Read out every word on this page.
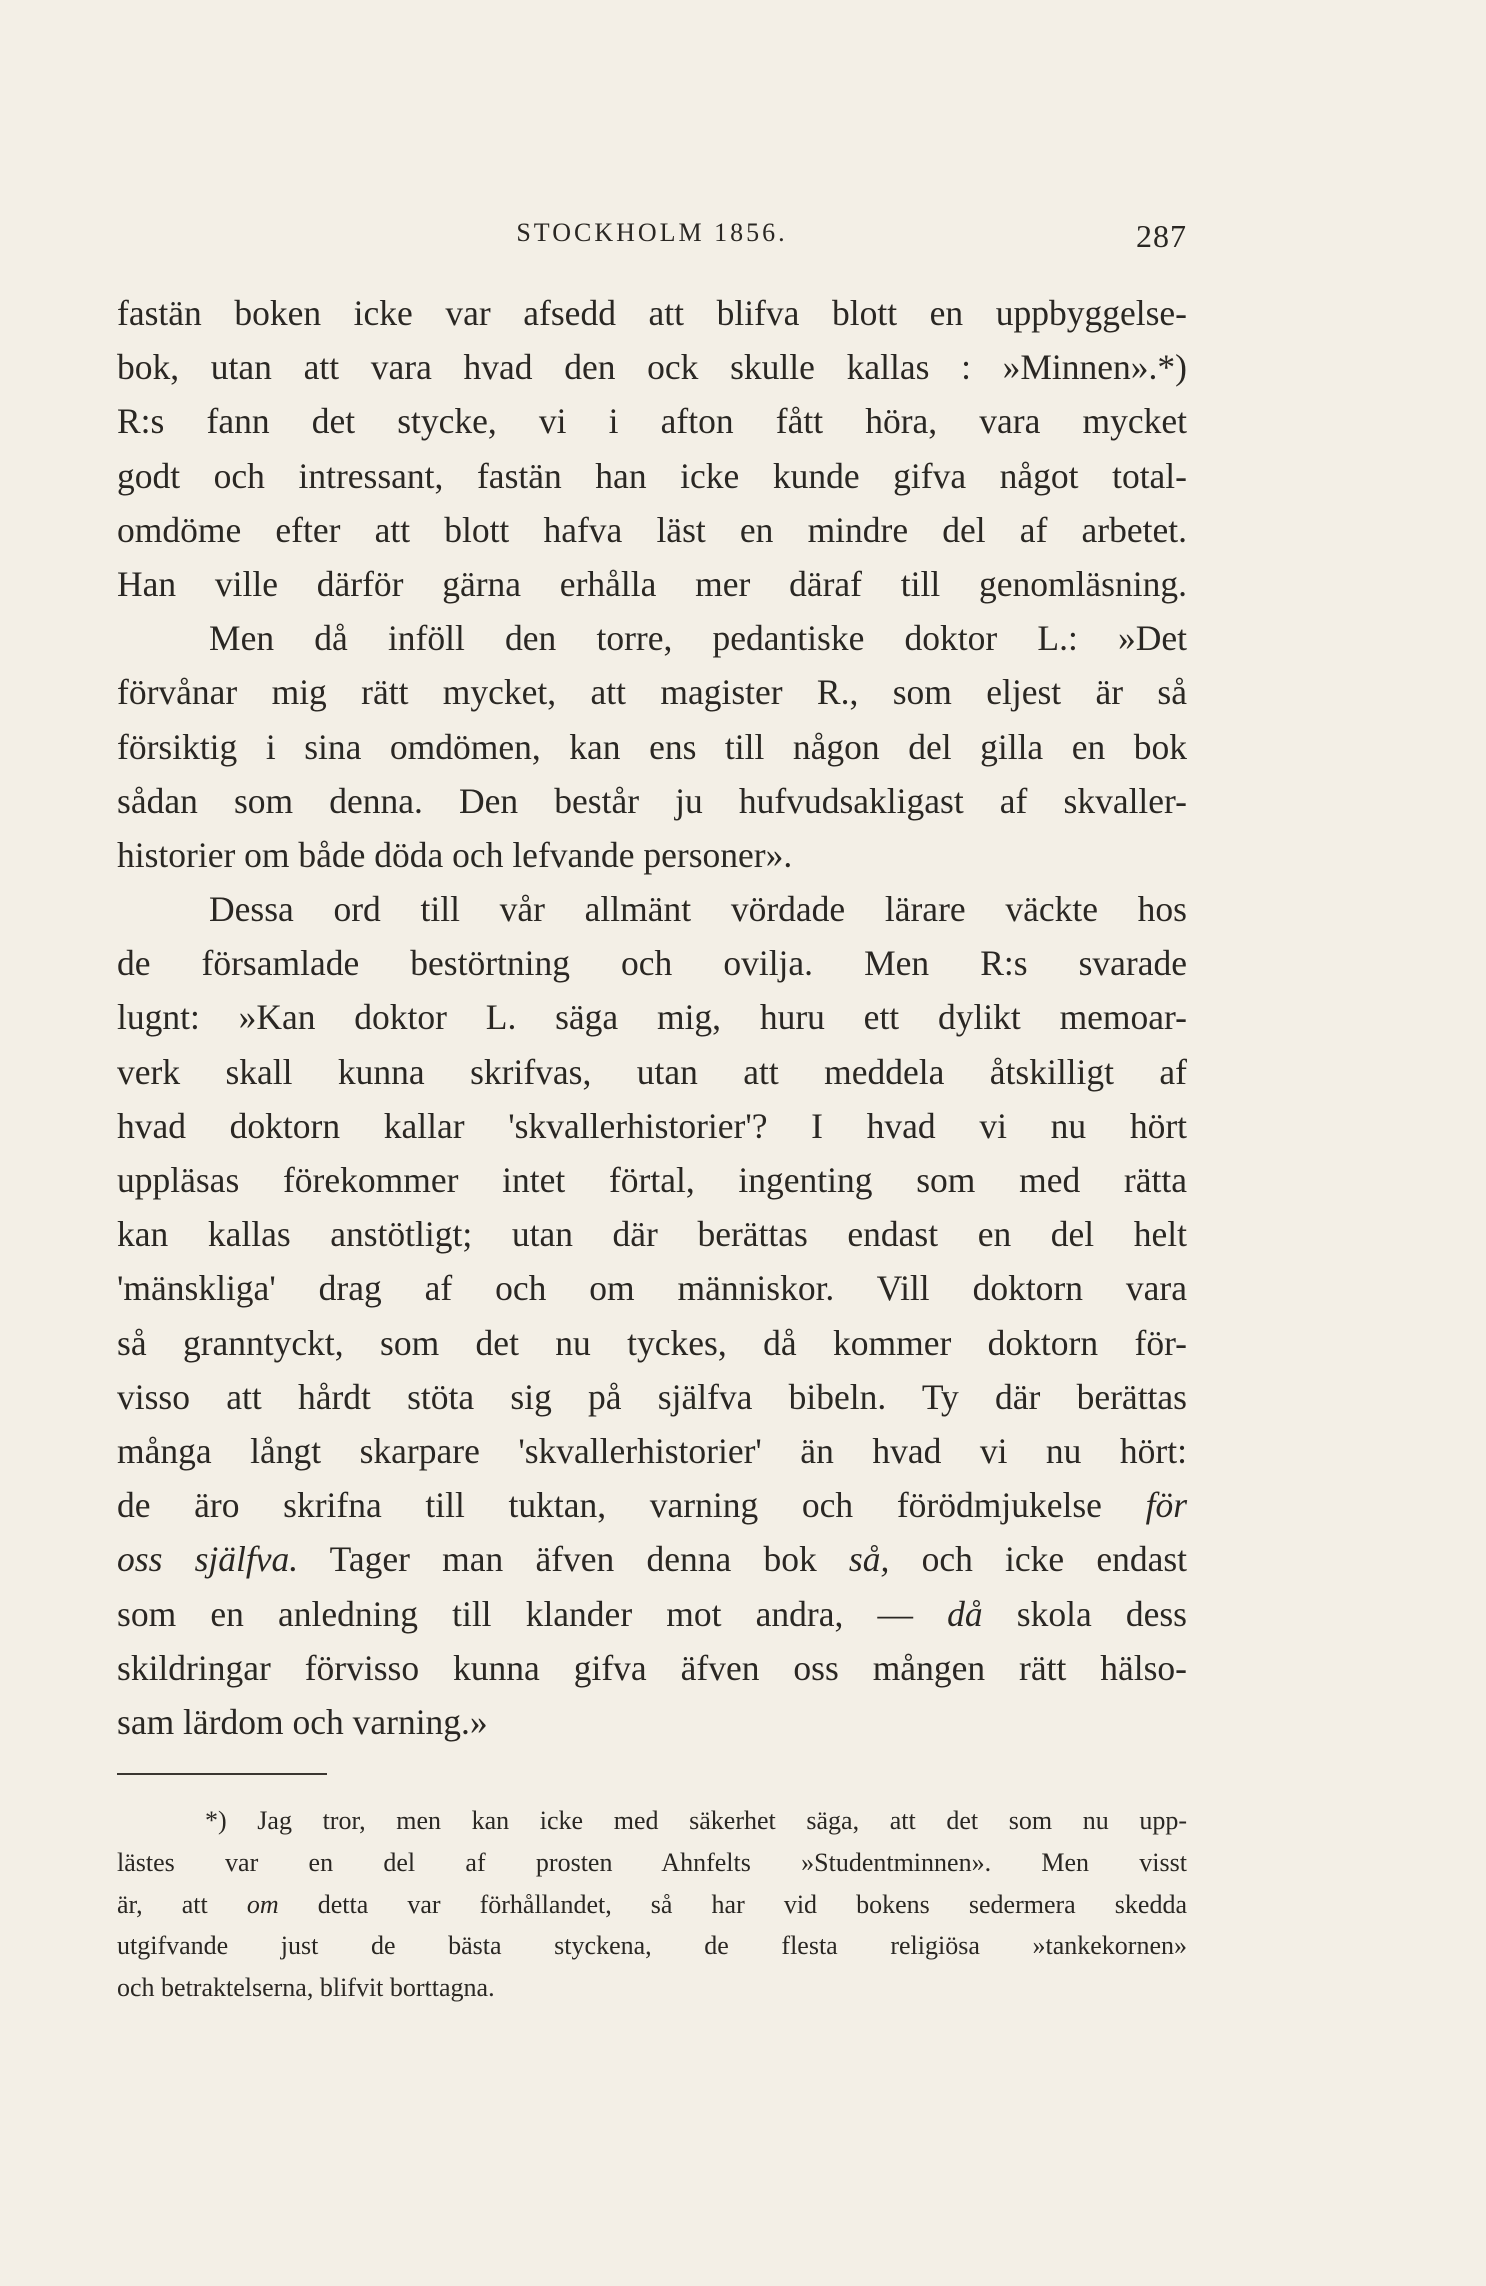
STOCKHOLM 1856.	287
fastän boken icke var afsedd att blifva blott en uppbyggelse-
bok, utan att vara hvad den ock skulle kallas : »Minnen».*)
R:s fann det stycke, vi i afton fått höra, vara mycket
godt och intressant, fastän han icke kunde gifva något total-
omdöme efter att blott hafva läst en mindre del af arbetet.
Han ville därför gärna erhålla mer däraf till genomläsning.
Men då inföll den torre, pedantiske doktor L.: »Det
förvånar mig rätt mycket, att magister R., som eljest är så
försiktig i sina omdömen, kan ens till någon del gilla en bok
sådan som denna. Den består ju hufvudsakligast af skvaller-
historier om både döda och lefvande personer».
Dessa ord till vår allmänt vördade lärare väckte hos
de församlade bestörtning och ovilja. Men R:s svarade
lugnt: »Kan doktor L. säga mig, huru ett dylikt memoar-
verk skall kunna skrifvas, utan att meddela åtskilligt af
hvad doktorn kallar 'skvallerhistorier'? I hvad vi nu hört
uppläsas förekommer intet förtal, ingenting som med rätta
kan kallas anstötligt; utan där berättas endast en del helt
'mänskliga' drag af och om människor. Vill doktorn vara
så granntyckt, som det nu tyckes, då kommer doktorn för-
visso att hårdt stöta sig på själfva bibeln. Ty där berättas
många långt skarpare 'skvallerhistorier' än hvad vi nu hört:
de äro skrifna till tuktan, varning och förödmjukelse för
oss själfva. Tager man äfven denna bok så, och icke endast
som en anledning till klander mot andra, — då skola dess
skildringar förvisso kunna gifva äfven oss mången rätt hälso-
sam lärdom och varning.»
*) Jag tror, men kan icke med säkerhet säga, att det som nu upp-
lästes var en del af prosten Ahnfelts »Studentminnen». Men visst
är, att om detta var förhållandet, så har vid bokens sedermera skedda
utgifvande just de bästa styckena, de flesta religiösa »tankekornen»
och betraktelserna, blifvit borttagna.
